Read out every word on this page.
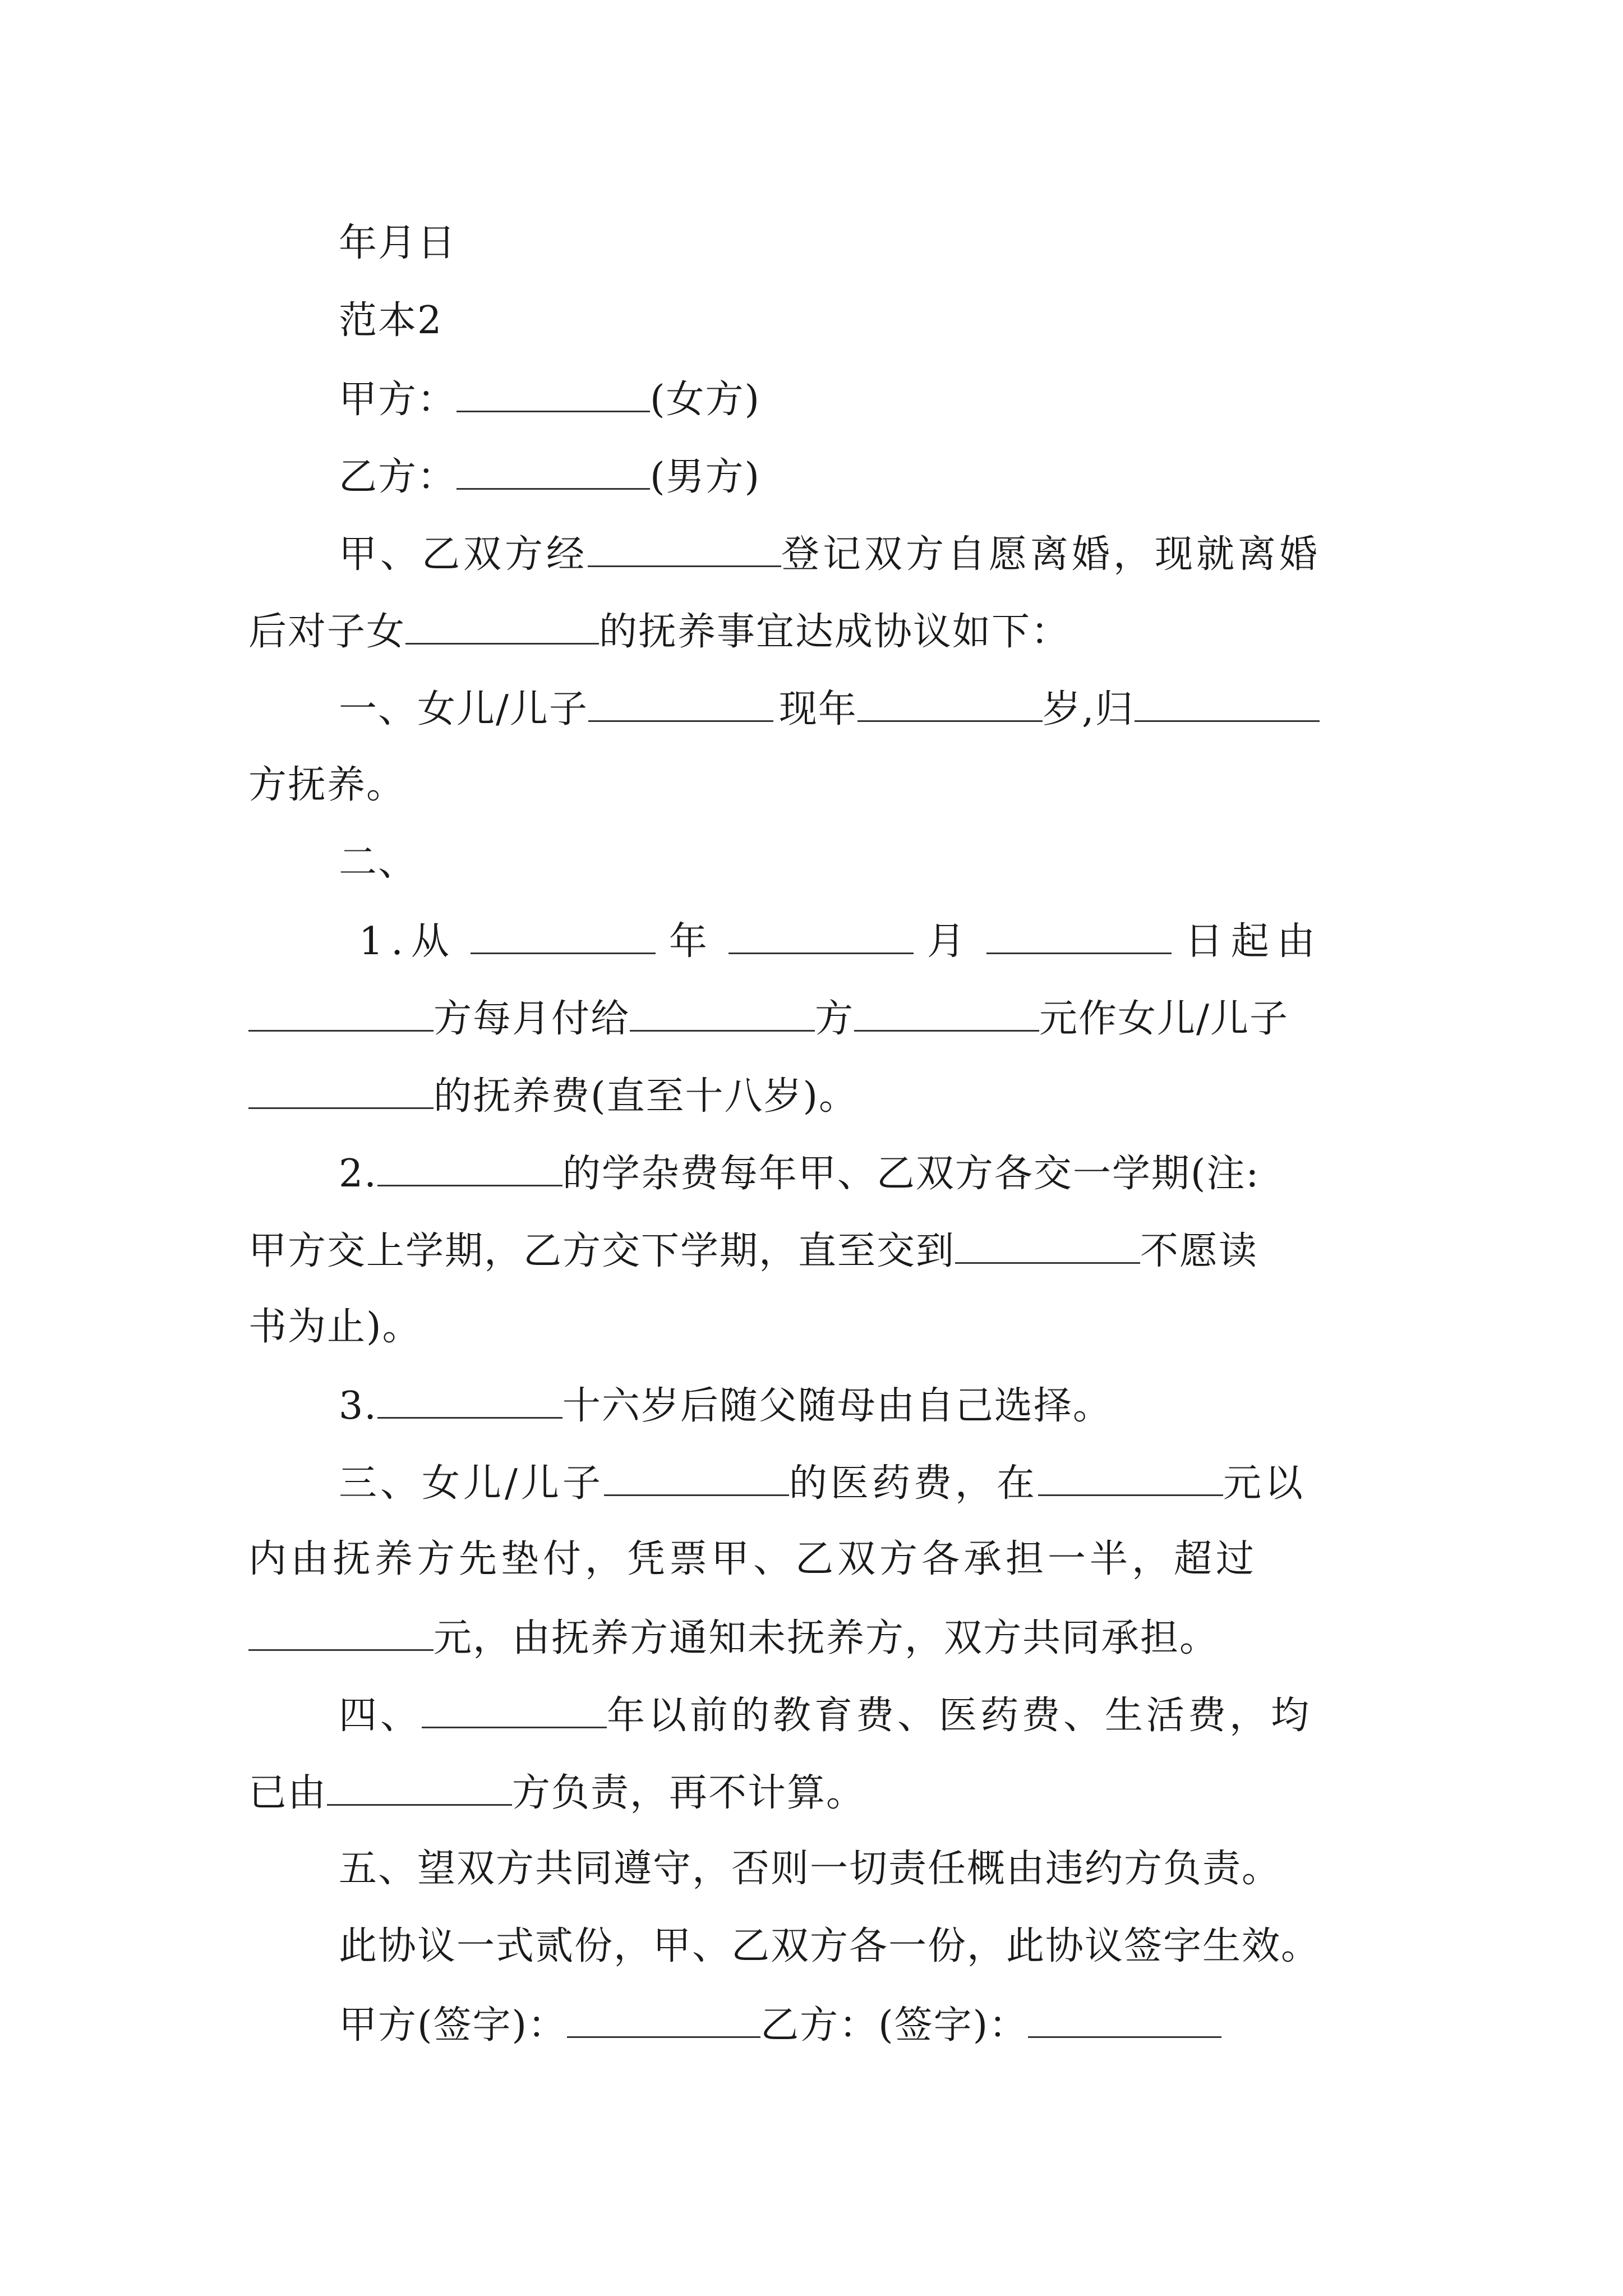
年月日
范本2
甲方：	(女方)
乙方：	(男方)
甲、乙双方经	登记双方自愿离婚，现就离婚
后对子女	的抚养事宜达成协议如下：
一、女儿/儿子	现年	岁,归
方抚养。
二、
1.从	年	月	日起由
方每月付给	方	元作女儿/儿子
的抚养费(直至十八岁)。
2.	的学杂费每年甲、乙双方各交一学期(注:
甲方交上学期，乙方交下学期，直至交到	不愿读
书为止)。
3.	十六岁后随父随母由自己选择。
三、女儿/儿子	的医药费，在	元以
内由抚养方先垫付，凭票甲、乙双方各承担一半，超过
元，由抚养方通知未抚养方，双方共同承担。
四、	年以前的教育费、医药费、生活费，均
已由	方负责，再不计算。
五、望双方共同遵守，否则一切责任概由违约方负责。
此协议一式贰份，甲、乙双方各一份，此协议签字生效。
甲方(签字)：	乙方：(签字)：
